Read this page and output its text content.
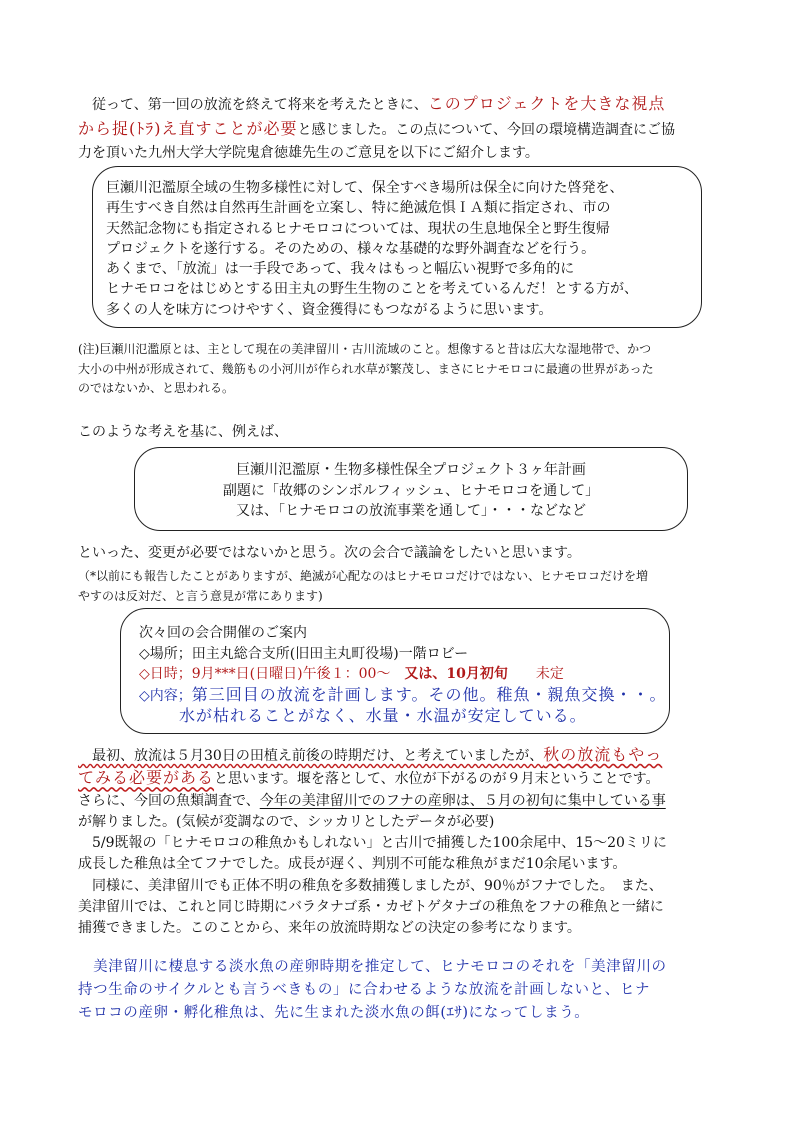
　従って、第一回の放流を終えて将来を考えたときに、このプロジェクトを大きな視点
から捉(ﾄﾗ)え直すことが必要と感じました。この点について、今回の環境構造調査にご協
力を頂いた九州大学大学院鬼倉徳雄先生のご意見を以下にご紹介します。
巨瀬川氾濫原全域の生物多様性に対して、保全すべき場所は保全に向けた啓発を、
再生すべき自然は自然再生計画を立案し、特に絶滅危惧ＩＡ類に指定され、市の
天然記念物にも指定されるヒナモロコについては、現状の生息地保全と野生復帰
プロジェクトを遂行する。そのための、様々な基礎的な野外調査などを行う。
あくまで、「放流」は一手段であって、我々はもっと幅広い視野で多角的に
ヒナモロコをはじめとする田主丸の野生生物のことを考えているんだ！とする方が、
多くの人を味方につけやすく、資金獲得にもつながるように思います。
(注)巨瀬川氾濫原とは、主として現在の美津留川・古川流域のこと。想像すると昔は広大な湿地帯で、かつ
大小の中州が形成されて、幾筋もの小河川が作られ水草が繁茂し、まさにヒナモロコに最適の世界があった
のではないか、と思われる。
このような考えを基に、例えば、
巨瀬川氾濫原・生物多様性保全プロジェクト３ヶ年計画
副題に「故郷のシンボルフィッシュ、ヒナモロコを通して」
又は、「ヒナモロコの放流事業を通して」・・・などなど
といった、変更が必要ではないかと思う。次の会合で議論をしたいと思います。
（*以前にも報告したことがありますが、絶滅が心配なのはヒナモロコだけではない、ヒナモロコだけを増
やすのは反対だ、と言う意見が常にあります)
次々回の会合開催のご案内
◇場所；田主丸総合支所(旧田主丸町役場)一階ロビー
◇日時；9月***日(日曜日)午後１：00～　又は、10月初旬　　未定
◇内容；第三回目の放流を計画します。その他。稚魚・親魚交換・・。
水が枯れることがなく、水量・水温が安定している。
　最初、放流は５月30日の田植え前後の時期だけ、と考えていましたが、秋の放流もやっ
てみる必要があると思います。堰を落として、水位が下がるのが９月末ということです。
さらに、今回の魚類調査で、今年の美津留川でのフナの産卵は、５月の初旬に集中している事
が解りました。(気候が変調なので、シッカリとしたデータが必要)
　5/9既報の「ヒナモロコの稚魚かもしれない」と古川で捕獲した100余尾中、15～20ミリに
成長した稚魚は全てフナでした。成長が遅く、判別不可能な稚魚がまだ10余尾います。
　同様に、美津留川でも正体不明の稚魚を多数捕獲しましたが、90％がフナでした。　また、
美津留川では、これと同じ時期にバラタナゴ系・カゼトゲタナゴの稚魚をフナの稚魚と一緒に
捕獲できました。このことから、来年の放流時期などの決定の参考になります。
　美津留川に棲息する淡水魚の産卵時期を推定して、ヒナモロコのそれを「美津留川の
持つ生命のサイクルとも言うべきもの」に合わせるような放流を計画しないと、ヒナ
モロコの産卵・孵化稚魚は、先に生まれた淡水魚の餌(ｴｻ)になってしまう。
